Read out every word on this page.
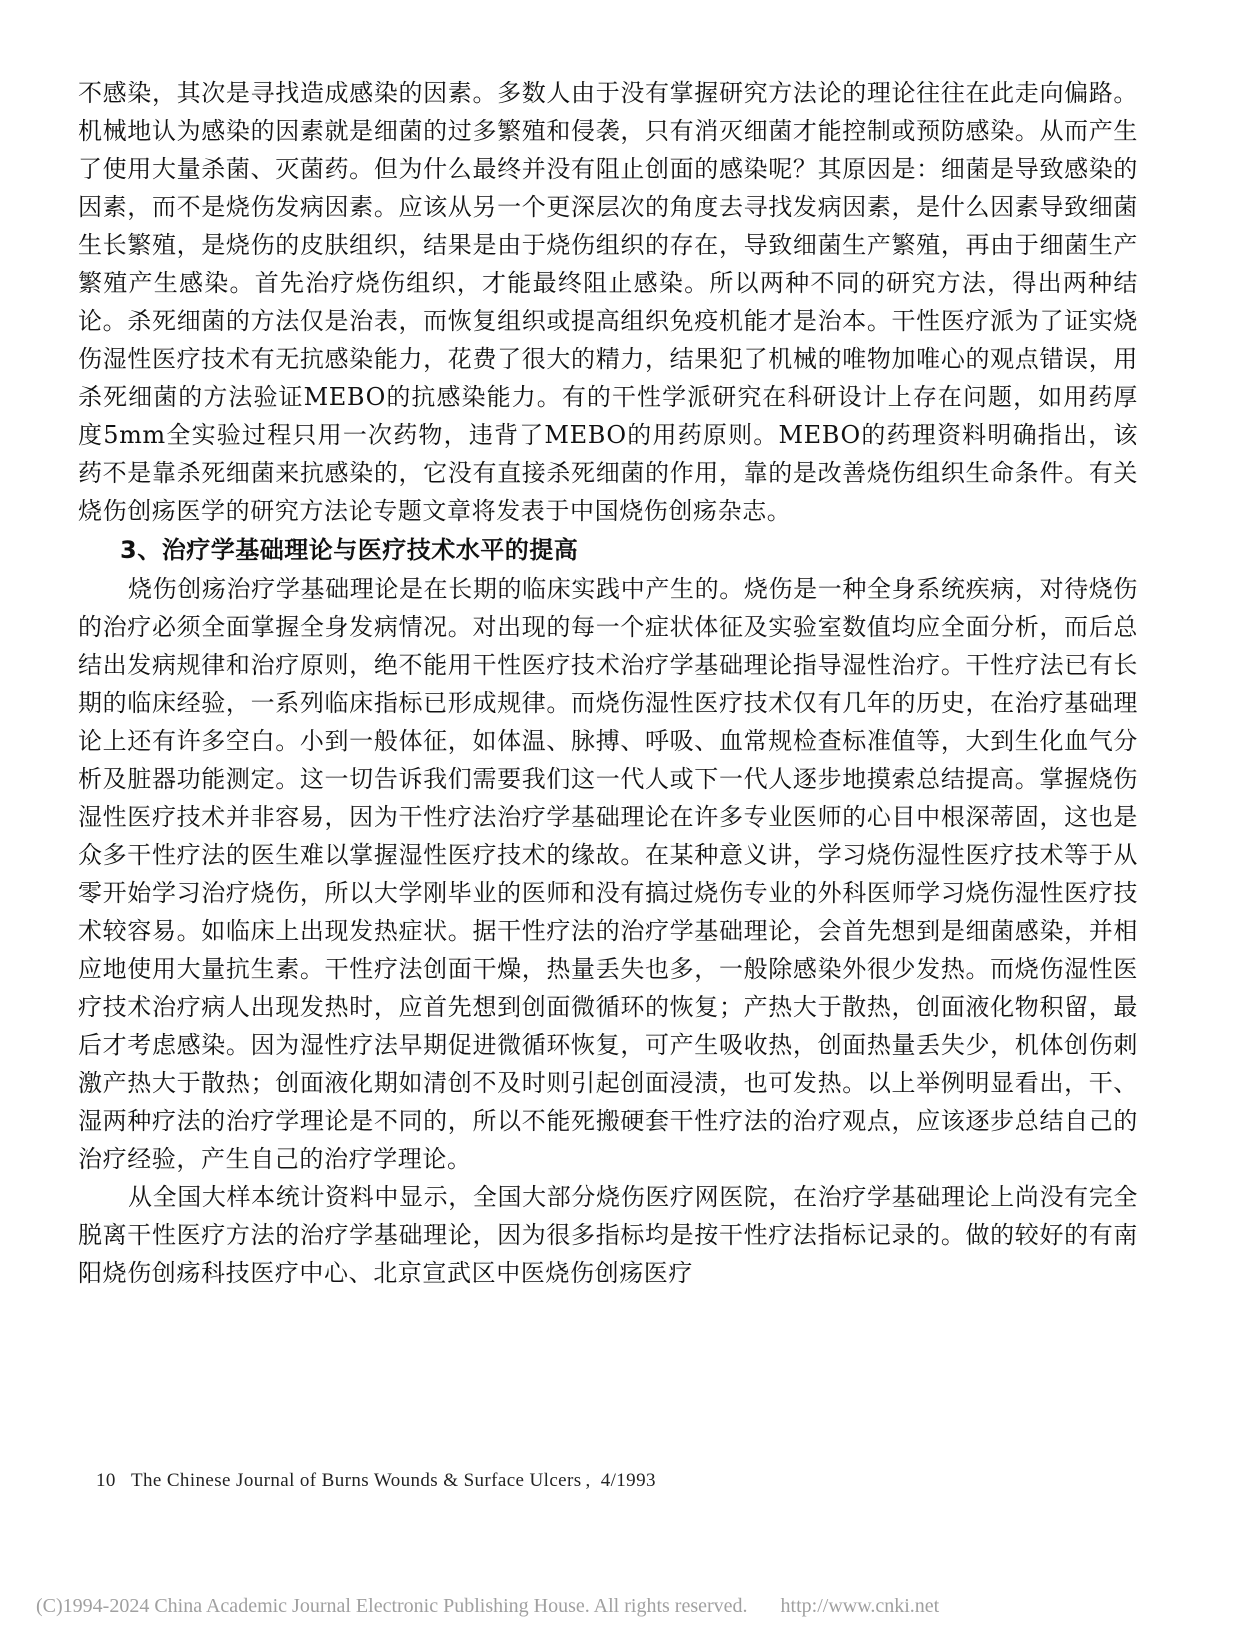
不感染，其次是寻找造成感染的因素。多数人由于没有掌握研究方法论的理论往往在此走向偏路。机械地认为感染的因素就是细菌的过多繁殖和侵袭，只有消灭细菌才能控制或预防感染。从而产生了使用大量杀菌、灭菌药。但为什么最终并没有阻止创面的感染呢？其原因是：细菌是导致感染的因素，而不是烧伤发病因素。应该从另一个更深层次的角度去寻找发病因素，是什么因素导致细菌生长繁殖，是烧伤的皮肤组织，结果是由于烧伤组织的存在，导致细菌生产繁殖，再由于细菌生产繁殖产生感染。首先治疗烧伤组织，才能最终阻止感染。所以两种不同的研究方法，得出两种结论。杀死细菌的方法仅是治表，而恢复组织或提高组织免疫机能才是治本。干性医疗派为了证实烧伤湿性医疗技术有无抗感染能力，花费了很大的精力，结果犯了机械的唯物加唯心的观点错误，用杀死细菌的方法验证MEBO的抗感染能力。有的干性学派研究在科研设计上存在问题，如用药厚度5mm全实验过程只用一次药物，违背了MEBO的用药原则。MEBO的药理资料明确指出，该药不是靠杀死细菌来抗感染的，它没有直接杀死细菌的作用，靠的是改善烧伤组织生命条件。有关烧伤创疡医学的研究方法论专题文章将发表于中国烧伤创疡杂志。

3、治疗学基础理论与医疗技术水平的提高

烧伤创疡治疗学基础理论是在长期的临床实践中产生的。烧伤是一种全身系统疾病，对待烧伤的治疗必须全面掌握全身发病情况。对出现的每一个症状体征及实验室数值均应全面分析，而后总结出发病规律和治疗原则，绝不能用干性医疗技术治疗学基础理论指导湿性治疗。干性疗法已有长期的临床经验，一系列临床指标已形成规律。而烧伤湿性医疗技术仅有几年的历史，在治疗基础理论上还有许多空白。小到一般体征，如体温、脉搏、呼吸、血常规检查标准值等，大到生化血气分析及脏器功能测定。这一切告诉我们需要我们这一代人或下一代人逐步地摸索总结提高。掌握烧伤湿性医疗技术并非容易，因为干性疗法治疗学基础理论在许多专业医师的心目中根深蒂固，这也是众多干性疗法的医生难以掌握湿性医疗技术的缘故。在某种意义讲，学习烧伤湿性医疗技术等于从零开始学习治疗烧伤，所以大学刚毕业的医师和没有搞过烧伤专业的外科医师学习烧伤湿性医疗技术较容易。如临床上出现发热症状。据干性疗法的治疗学基础理论，会首先想到是细菌感染，并相应地使用大量抗生素。干性疗法创面干燥，热量丢失也多，一般除感染外很少发热。而烧伤湿性医疗技术治疗病人出现发热时，应首先想到创面微循环的恢复；产热大于散热，创面液化物积留，最后才考虑感染。因为湿性疗法早期促进微循环恢复，可产生吸收热，创面热量丢失少，机体创伤刺激产热大于散热；创面液化期如清创不及时则引起创面浸渍，也可发热。以上举例明显看出，干、湿两种疗法的治疗学理论是不同的，所以不能死搬硬套干性疗法的治疗观点，应该逐步总结自己的治疗经验，产生自己的治疗学理论。

从全国大样本统计资料中显示，全国大部分烧伤医疗网医院，在治疗学基础理论上尚没有完全脱离干性医疗方法的治疗学基础理论，因为很多指标均是按干性疗法指标记录的。做的较好的有南阳烧伤创疡科技医疗中心、北京宣武区中医烧伤创疡医疗

10 The Chinese Journal of Burns Wounds & Surface Ulcers , 4/1993
(C)1994-2024 China Academic Journal Electronic Publishing House. All rights reserved. http://www.cnki.net
